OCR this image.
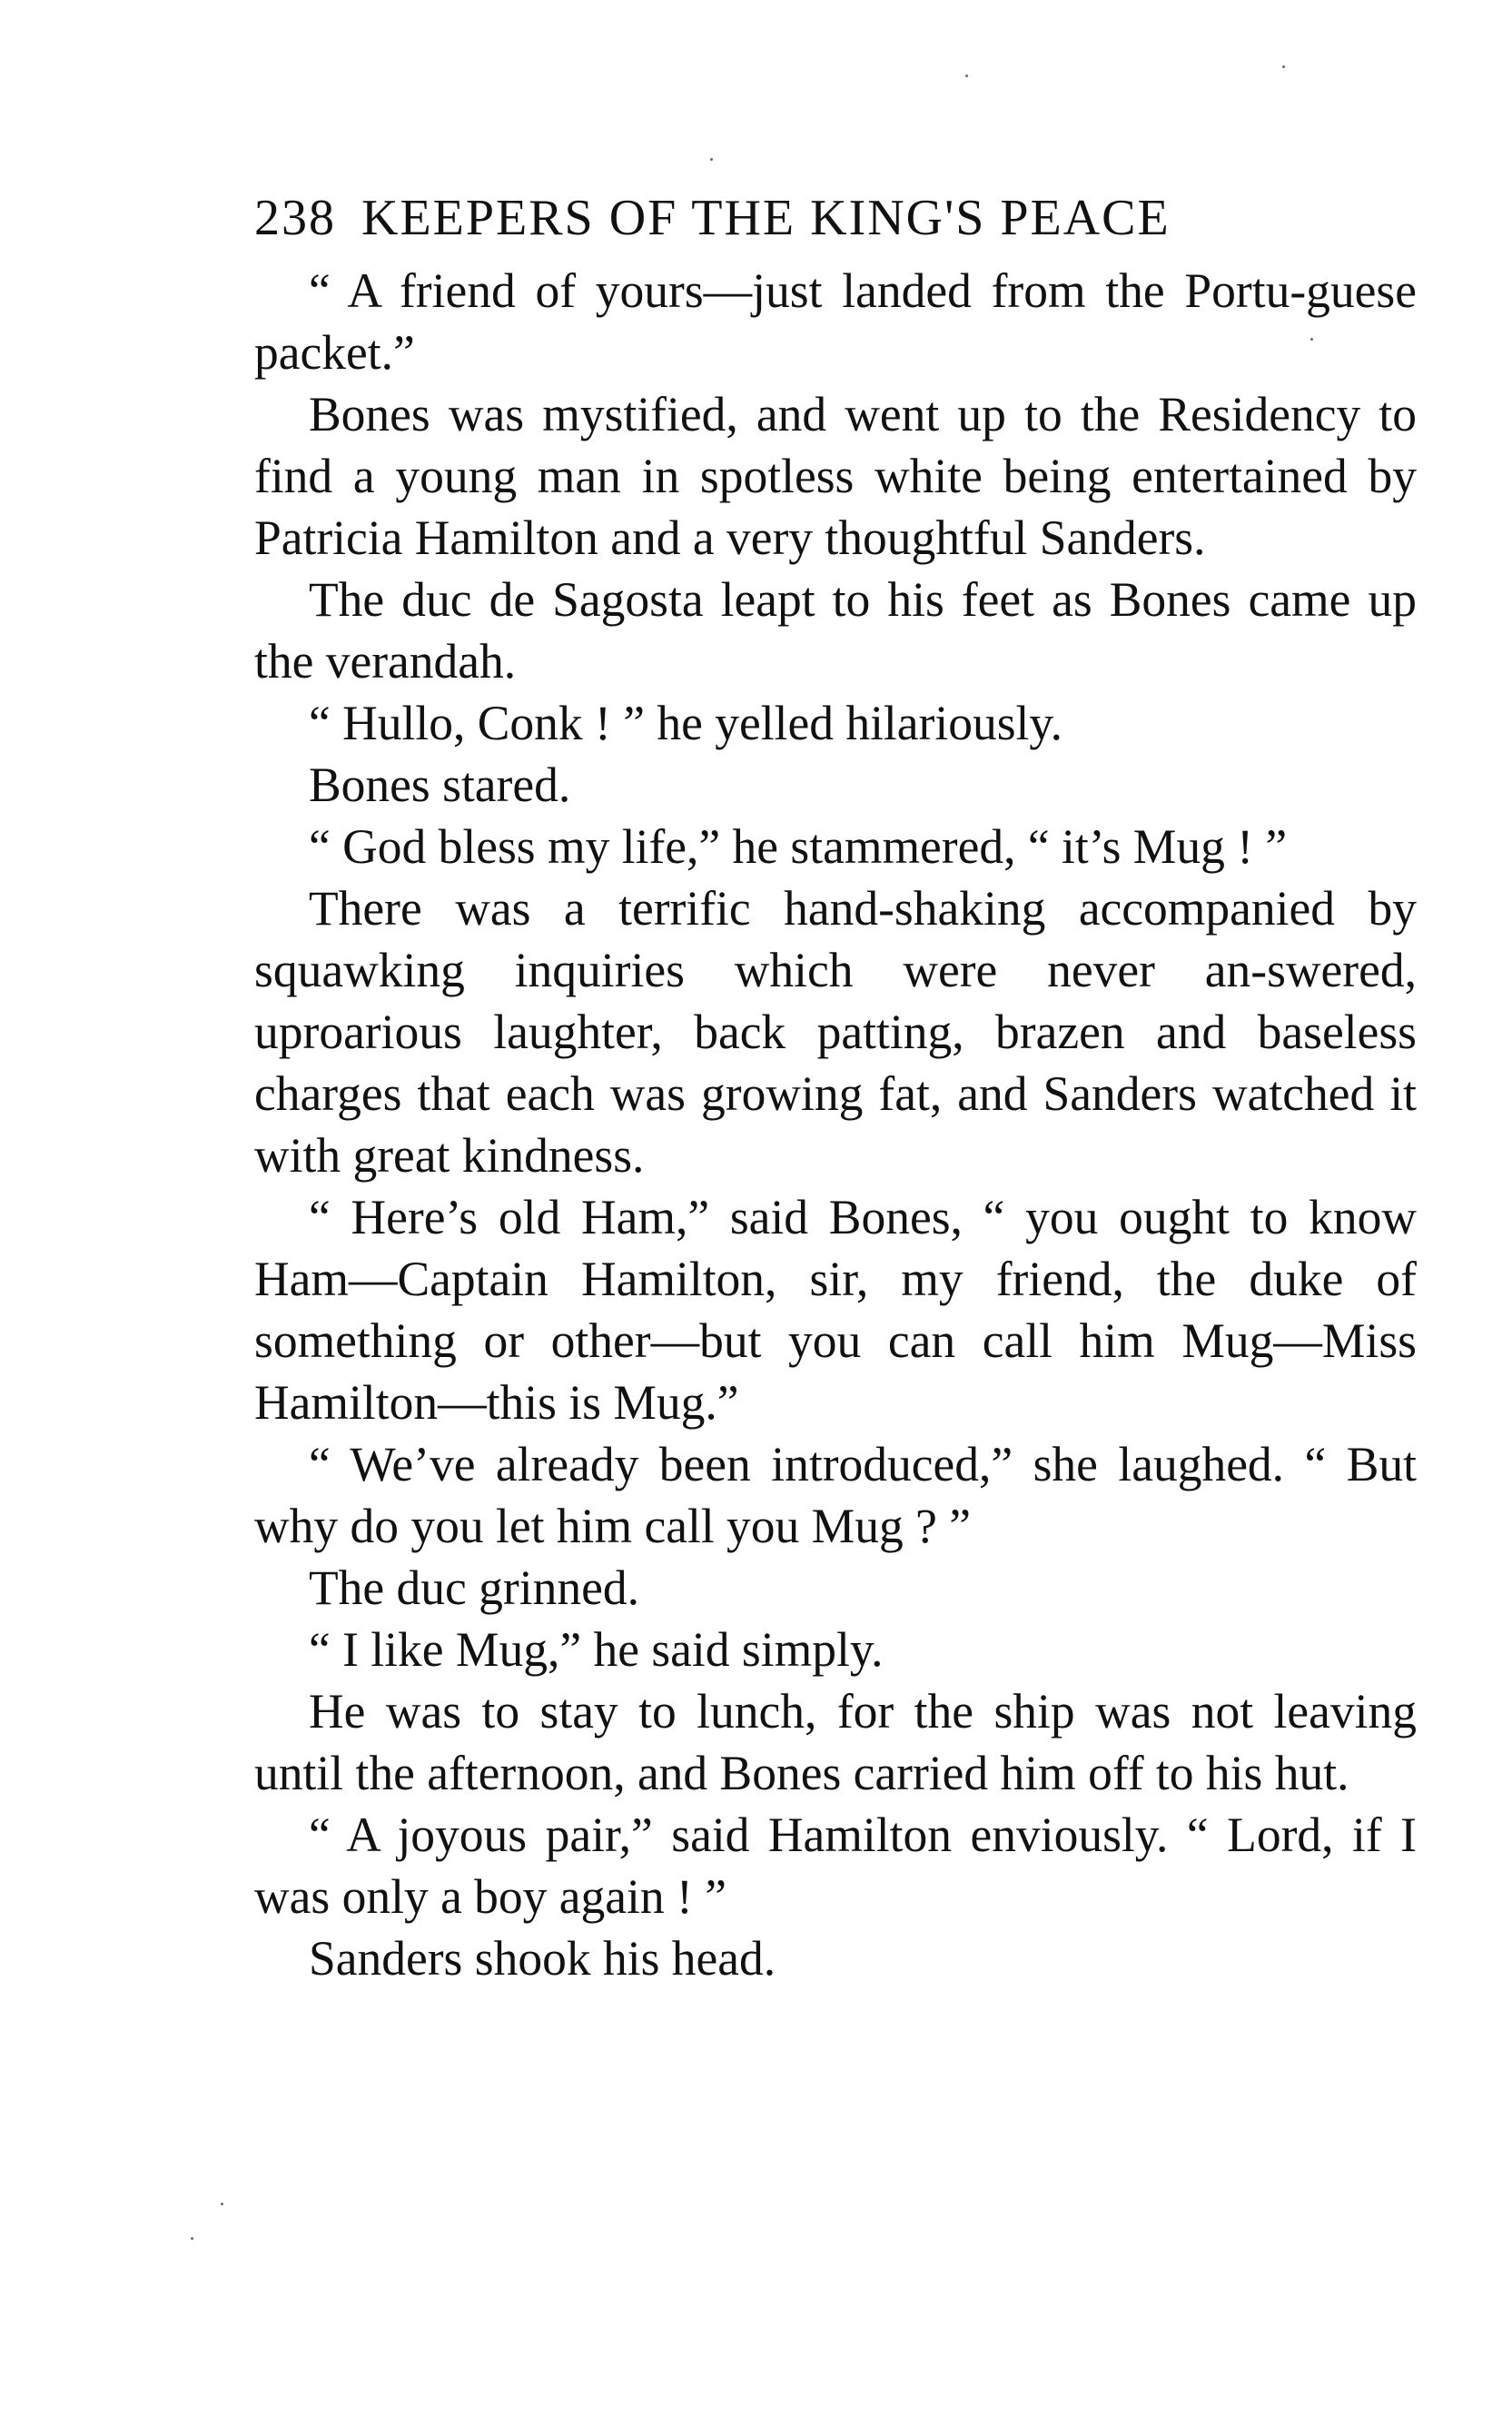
238 KEEPERS OF THE KING'S PEACE

“ A friend of yours—just landed from the Portu-guese packet.”

Bones was mystified, and went up to the Residency to find a young man in spotless white being entertained by Patricia Hamilton and a very thoughtful Sanders.

The duc de Sagosta leapt to his feet as Bones came up the verandah.

“ Hullo, Conk ! ” he yelled hilariously.

Bones stared.

“ God bless my life,” he stammered, “ it’s Mug ! ”

There was a terrific hand-shaking accompanied by squawking inquiries which were never an-swered, uproarious laughter, back patting, brazen and baseless charges that each was growing fat, and Sanders watched it with great kindness.

“ Here’s old Ham,” said Bones, “ you ought to know Ham—Captain Hamilton, sir, my friend, the duke of something or other—but you can call him Mug—Miss Hamilton—this is Mug.”

“ We’ve already been introduced,” she laughed. “ But why do you let him call you Mug ? ”

The duc grinned.

“ I like Mug,” he said simply.

He was to stay to lunch, for the ship was not leaving until the afternoon, and Bones carried him off to his hut.

“ A joyous pair,” said Hamilton enviously. “ Lord, if I was only a boy again ! ”

Sanders shook his head.
